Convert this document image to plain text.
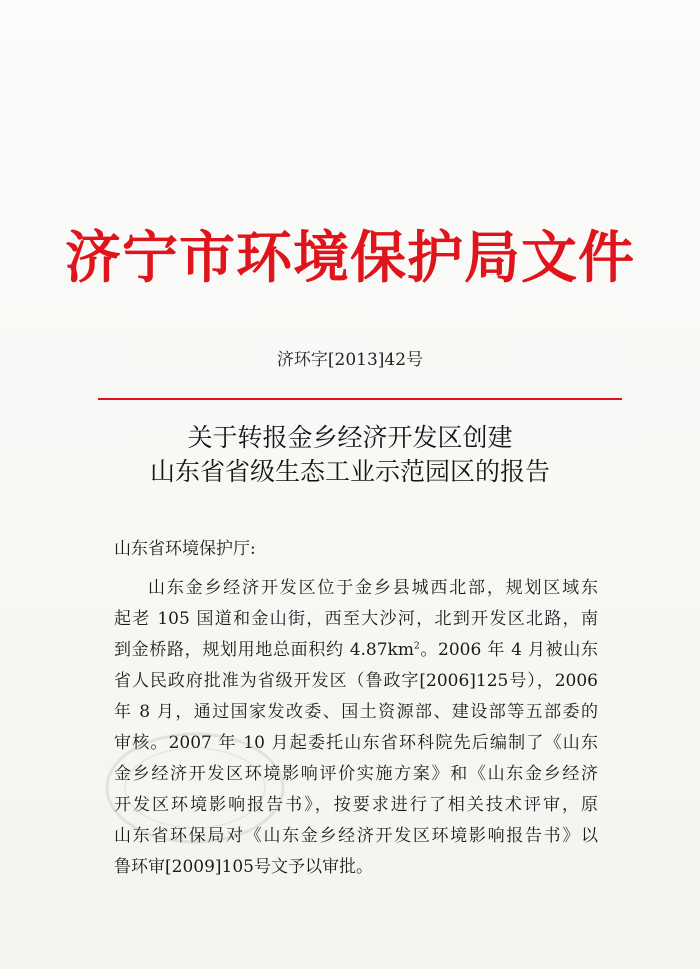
济宁市环境保护局文件
济环字[2013]42号
关于转报金乡经济开发区创建
山东省省级生态工业示范园区的报告
山东省环境保护厅:
山东金乡经济开发区位于金乡县城西北部，规划区域东
起老 105 国道和金山街，西至大沙河，北到开发区北路，南
到金桥路，规划用地总面积约 $4.87km^2$。2006 年 4 月被山东
省人民政府批准为省级开发区（鲁政字[2006]125号），2006
年 8 月，通过国家发改委、国土资源部、建设部等五部委的
审核。2007 年 10 月起委托山东省环科院先后编制了《山东
金乡经济开发区环境影响评价实施方案》和《山东金乡经济
开发区环境影响报告书》，按要求进行了相关技术评审，原
山东省环保局对《山东金乡经济开发区环境影响报告书》以
鲁环审[2009]105号文予以审批。
